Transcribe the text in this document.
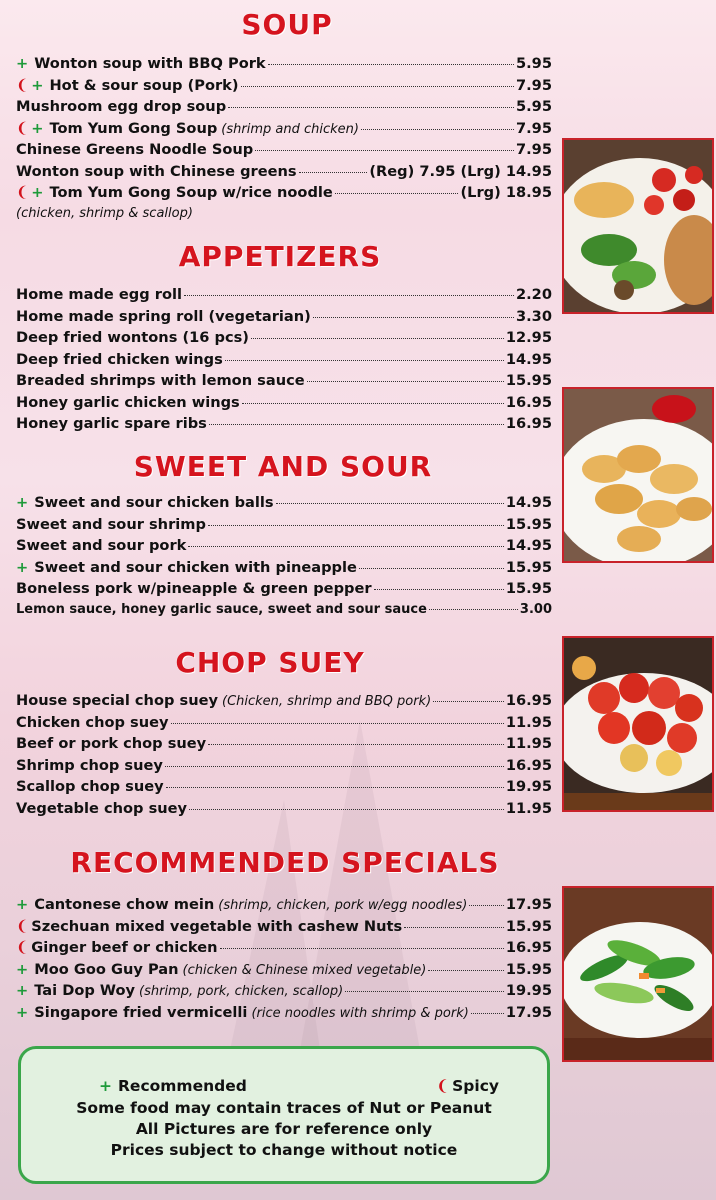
SOUP
APPETIZERS
SWEET AND SOUR
CHOP SUEY
RECOMMENDED SPECIALS
+ Wonton soup with BBQ Pork	5.95
❨ + Hot & sour soup (Pork)	7.95
Mushroom egg drop soup	5.95
❨ + Tom Yum Gong Soup (shrimp and chicken)	7.95
Chinese Greens Noodle Soup	7.95
Wonton soup with Chinese greens	(Reg) 7.95 (Lrg) 14.95
❨ + Tom Yum Gong Soup w/rice noodle	(Lrg) 18.95
(chicken, shrimp & scallop)
Home made egg roll	2.20
Home made spring roll (vegetarian)	3.30
Deep fried wontons (16 pcs)	12.95
Deep fried chicken wings	14.95
Breaded shrimps with lemon sauce	15.95
Honey garlic chicken wings	16.95
Honey garlic spare ribs	16.95
+ Sweet and sour chicken balls	14.95
Sweet and sour shrimp	15.95
Sweet and sour pork	14.95
+ Sweet and sour chicken with pineapple	15.95
Boneless pork w/pineapple & green pepper	15.95
Lemon sauce, honey garlic sauce, sweet and sour sauce	3.00
House special chop suey (Chicken, shrimp and BBQ pork)	16.95
Chicken chop suey	11.95
Beef or pork chop suey	11.95
Shrimp chop suey	16.95
Scallop chop suey	19.95
Vegetable chop suey	11.95
+ Cantonese chow mein (shrimp, chicken, pork w/egg noodles)	17.95
❨ Szechuan mixed vegetable with cashew Nuts	15.95
❨ Ginger beef or chicken	16.95
+ Moo Goo Guy Pan (chicken & Chinese mixed vegetable)	15.95
+ Tai Dop Woy (shrimp, pork, chicken, scallop)	19.95
+ Singapore fried vermicelli (rice noodles with shrimp & pork)	17.95
+ Recommended	❨ Spicy
Some food may contain traces of Nut or Peanut
All Pictures are for reference only
Prices subject to change without notice
